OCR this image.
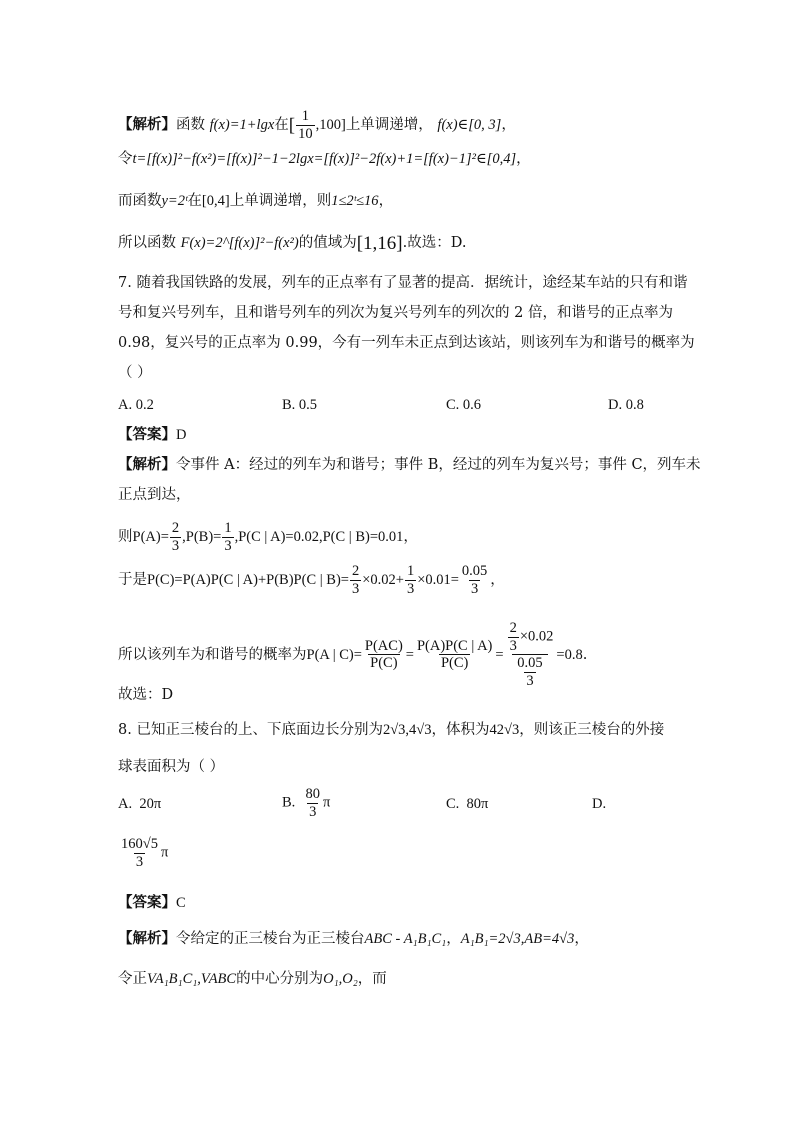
【解析】函数 f(x)=1+lgx在[ $\frac{1}{10} ,100$]上单调递增， f(x)∈[0, 3]，
令t=[f(x)]²−f(x²)=[f(x)]²−1−2lgx=[f(x)]²−2f(x)+1=[f(x)−1]²∈[0,4]，
而函数y=2ᵗ在[0,4]上单调递增，则1≤2ᵗ≤16，
所以函数 F(x)=2^[f(x)]²−f(x²)的值域为[1,16].故选：D.
7. 随着我国铁路的发展，列车的正点率有了显著的提高．据统计，途经某车站的只有和谐
号和复兴号列车，且和谐号列车的列次为复兴号列车的列次的 2 倍，和谐号的正点率为
0.98，复兴号的正点率为 0.99，今有一列车未正点到达该站，则该列车为和谐号的概率为
（ ）
A. 0.2	B. 0.5	C. 0.6	D. 0.8
【答案】D
【解析】令事件 A：经过的列车为和谐号；事件 B，经过的列车为复兴号；事件 C，列车未
正点到达，
则$P(A)= \frac{2}{3} ,P(B)= \frac{1}{3} ,P(C$ | A)=0.02,P(C | B)=0.01，
于是P(C)=P(A)P(C | A)+P(B)P(C | $B)= \frac{2}{3} \times 0.02+ \frac{1}{3} \times 0.01= \frac{0.05}{3}$ ，
所以该列车为和谐号的概率为P(A | $C)= \frac{P(AC)}{P(C)} = \frac{P(A)P(C | A)}{P(C)} = \frac{\frac{2}{3} \times 0.02}{\frac{0.05}{3}} =0.8$.
故选：D
8. 已知正三棱台的上、下底面边长分别为2√3,4√3，体积为42√3，则该正三棱台的外接
球表面积为（ ）
A. 20π	B. $\frac{80}{3}$ π	C. 80π	D.
$\frac{160√5}{3}$ π
【答案】C
【解析】令给定的正三棱台为正三棱台ABC - A₁B₁C₁，A₁B₁=2√3,AB=4√3，
令正VA₁B₁C₁,VABC的中心分别为O₁,O₂，而
